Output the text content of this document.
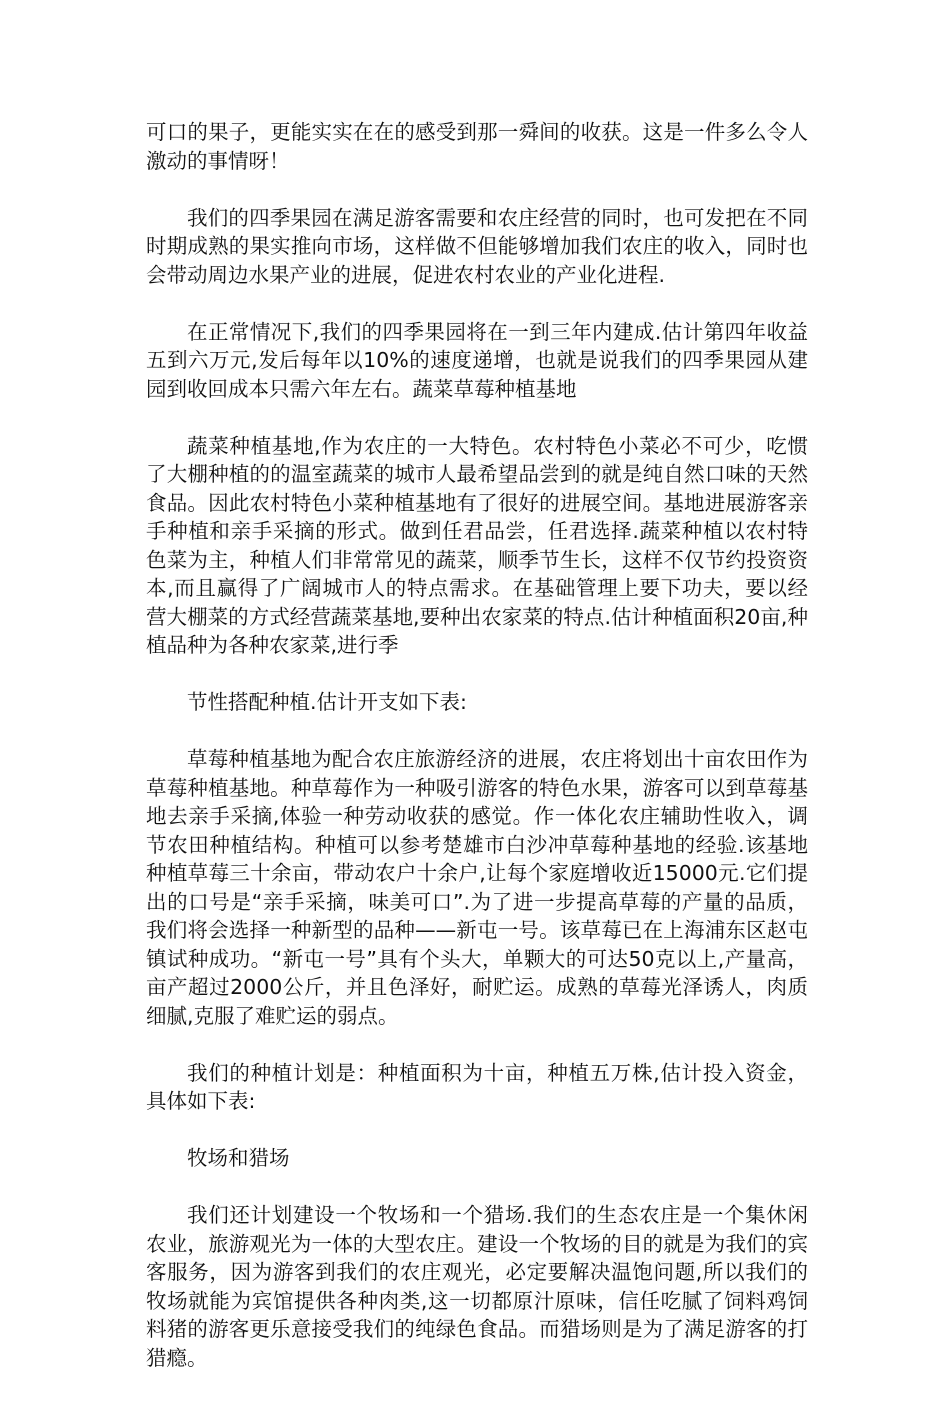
可口的果子，更能实实在在的感受到那一舜间的收获。这是一件多么令人激动的事情呀！

我们的四季果园在满足游客需要和农庄经营的同时，也可发把在不同时期成熟的果实推向市场，这样做不但能够增加我们农庄的收入，同时也会带动周边水果产业的进展，促进农村农业的产业化进程.

在正常情况下,我们的四季果园将在一到三年内建成.估计第四年收益五到六万元,发后每年以10%的速度递增，也就是说我们的四季果园从建园到收回成本只需六年左右。蔬菜草莓种植基地

蔬菜种植基地,作为农庄的一大特色。农村特色小菜必不可少，吃惯了大棚种植的的温室蔬菜的城市人最希望品尝到的就是纯自然口味的天然食品。因此农村特色小菜种植基地有了很好的进展空间。基地进展游客亲手种植和亲手采摘的形式。做到任君品尝，任君选择.蔬菜种植以农村特色菜为主，种植人们非常常见的蔬菜，顺季节生长，这样不仅节约投资资本,而且赢得了广阔城市人的特点需求。在基础管理上要下功夫，要以经营大棚菜的方式经营蔬菜基地,要种出农家菜的特点.估计种植面积20亩,种植品种为各种农家菜,进行季

节性搭配种植.估计开支如下表:

草莓种植基地为配合农庄旅游经济的进展，农庄将划出十亩农田作为草莓种植基地。种草莓作为一种吸引游客的特色水果，游客可以到草莓基地去亲手采摘,体验一种劳动收获的感觉。作一体化农庄辅助性收入，调节农田种植结构。种植可以参考楚雄市白沙冲草莓种基地的经验.该基地种植草莓三十余亩，带动农户十余户,让每个家庭增收近15000元.它们提出的口号是“亲手采摘，味美可口”.为了进一步提高草莓的产量的品质，我们将会选择一种新型的品种——新屯一号。该草莓已在上海浦东区赵屯镇试种成功。“新屯一号”具有个头大，单颗大的可达50克以上,产量高，亩产超过2000公斤，并且色泽好，耐贮运。成熟的草莓光泽诱人，肉质细腻,克服了难贮运的弱点。

我们的种植计划是：种植面积为十亩，种植五万株,估计投入资金，具体如下表:

牧场和猎场

我们还计划建设一个牧场和一个猎场.我们的生态农庄是一个集休闲农业，旅游观光为一体的大型农庄。建设一个牧场的目的就是为我们的宾客服务，因为游客到我们的农庄观光，必定要解决温饱问题,所以我们的牧场就能为宾馆提供各种肉类,这一切都原汁原味，信任吃腻了饲料鸡饲料猪的游客更乐意接受我们的纯绿色食品。而猎场则是为了满足游客的打猎瘾。
